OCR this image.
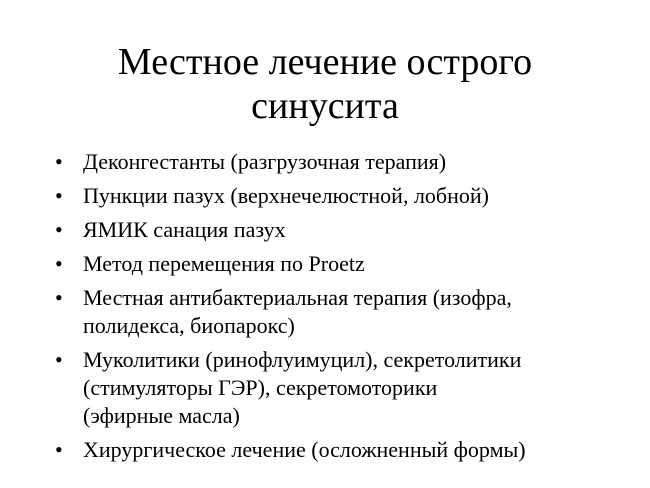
Местное лечение острого
синусита
• Деконгестанты (разгрузочная терапия)
• Пункции пазух (верхнечелюстной, лобной)
• ЯМИК санация пазух
• Метод перемещения по Proetz
• Местная антибактериальная терапия (изофра,
полидекса, биопарокс)
• Муколитики (ринофлуимуцил), секретолитики
(стимуляторы ГЭР), секретомоторики
(эфирные масла)
• Хирургическое лечение (осложненный формы)
